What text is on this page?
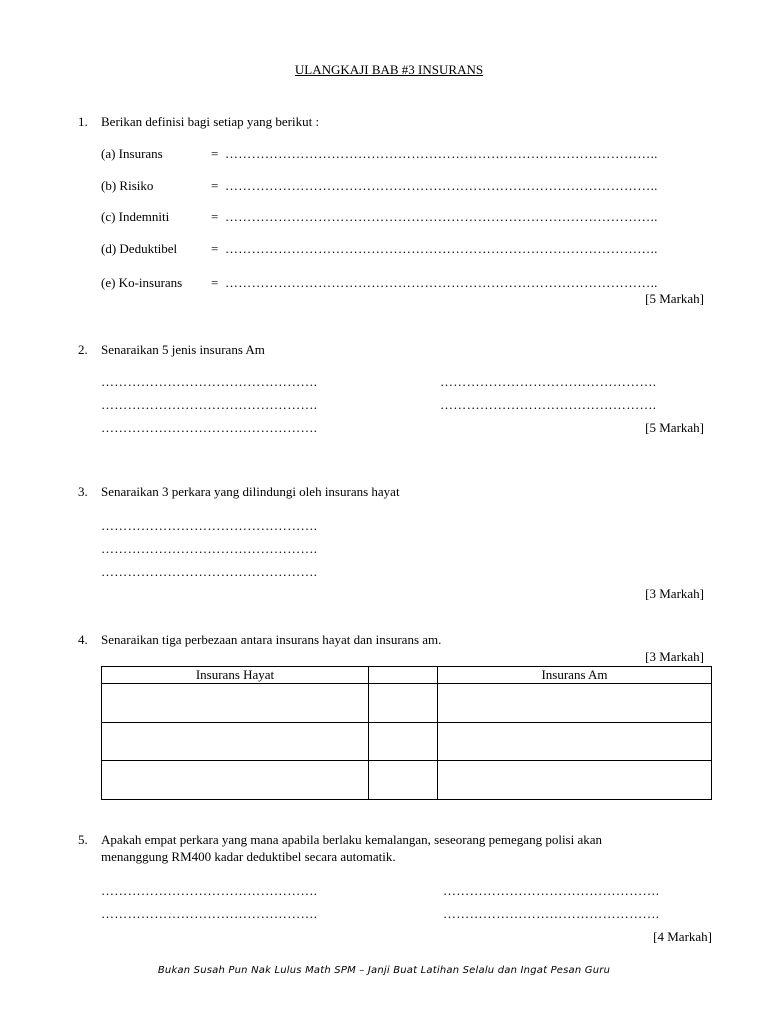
ULANGKAJI BAB #3 INSURANS
1. Berikan definisi bagi setiap yang berikut :
(a) Insurans	= ……………………………………………………………………………………..
(b) Risiko	= ……………………………………………………………………………………..
(c) Indemniti	= ……………………………………………………………………………………..
(d) Deduktibel	= ……………………………………………………………………………………..
(e) Ko-insurans = ……………………………………………………………………………………..
[5 Markah]
2. Senaraikan 5 jenis insurans Am
………………………………………….	………………………………………….
………………………………………….	………………………………………….
………………………………………….	[5 Markah]
3. Senaraikan 3 perkara yang dilindungi oleh insurans hayat
………………………………………….
………………………………………….
………………………………………….
[3 Markah]
4. Senaraikan tiga perbezaan antara insurans hayat dan insurans am.
[3 Markah]
Insurans Hayat		Insurans Am

5. Apakah empat perkara yang mana apabila berlaku kemalangan, seseorang pemegang polisi akan
menanggung RM400 kadar deduktibel secara automatik.
………………………………………….	………………………………………….
………………………………………….	………………………………………….
[4 Markah]
Bukan Susah Pun Nak Lulus Math SPM – Janji Buat Latihan Selalu dan Ingat Pesan Guru
